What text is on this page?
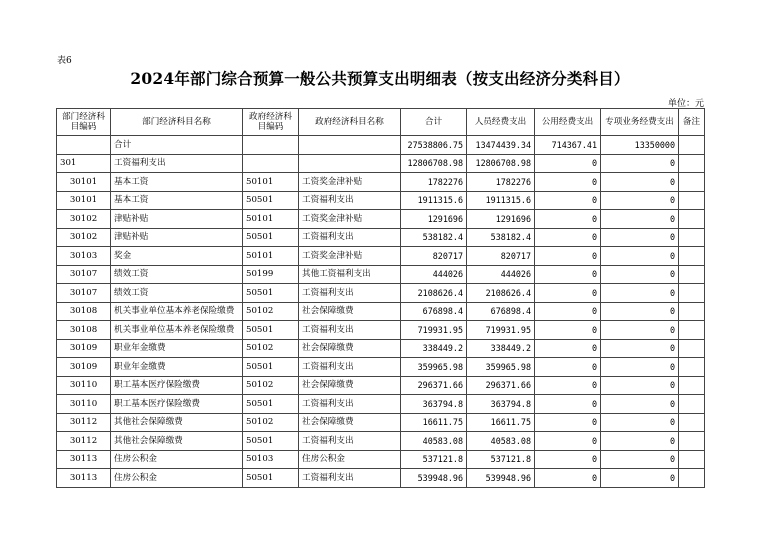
表6
2024年部门综合预算一般公共预算支出明细表（按支出经济分类科目）
单位：元
部门经济科目编码	部门经济科目名称	政府经济科目编码	政府经济科目名称	合计	人员经费支出	公用经费支出	专项业务经费支出	备注
	合计			27538806.75	13474439.34	714367.41	13350000	
301	工资福利支出			12806708.98	12806708.98	0	0	
30101	基本工资	50101	工资奖金津补贴	1782276	1782276	0	0	
30101	基本工资	50501	工资福利支出	1911315.6	1911315.6	0	0	
30102	津贴补贴	50101	工资奖金津补贴	1291696	1291696	0	0	
30102	津贴补贴	50501	工资福利支出	538182.4	538182.4	0	0	
30103	奖金	50101	工资奖金津补贴	820717	820717	0	0	
30107	绩效工资	50199	其他工资福利支出	444026	444026	0	0	
30107	绩效工资	50501	工资福利支出	2108626.4	2108626.4	0	0	
30108	机关事业单位基本养老保险缴费	50102	社会保障缴费	676898.4	676898.4	0	0	
30108	机关事业单位基本养老保险缴费	50501	工资福利支出	719931.95	719931.95	0	0	
30109	职业年金缴费	50102	社会保障缴费	338449.2	338449.2	0	0	
30109	职业年金缴费	50501	工资福利支出	359965.98	359965.98	0	0	
30110	职工基本医疗保险缴费	50102	社会保障缴费	296371.66	296371.66	0	0	
30110	职工基本医疗保险缴费	50501	工资福利支出	363794.8	363794.8	0	0	
30112	其他社会保障缴费	50102	社会保障缴费	16611.75	16611.75	0	0	
30112	其他社会保障缴费	50501	工资福利支出	40583.08	40583.08	0	0	
30113	住房公积金	50103	住房公积金	537121.8	537121.8	0	0	
30113	住房公积金	50501	工资福利支出	539948.96	539948.96	0	0	
